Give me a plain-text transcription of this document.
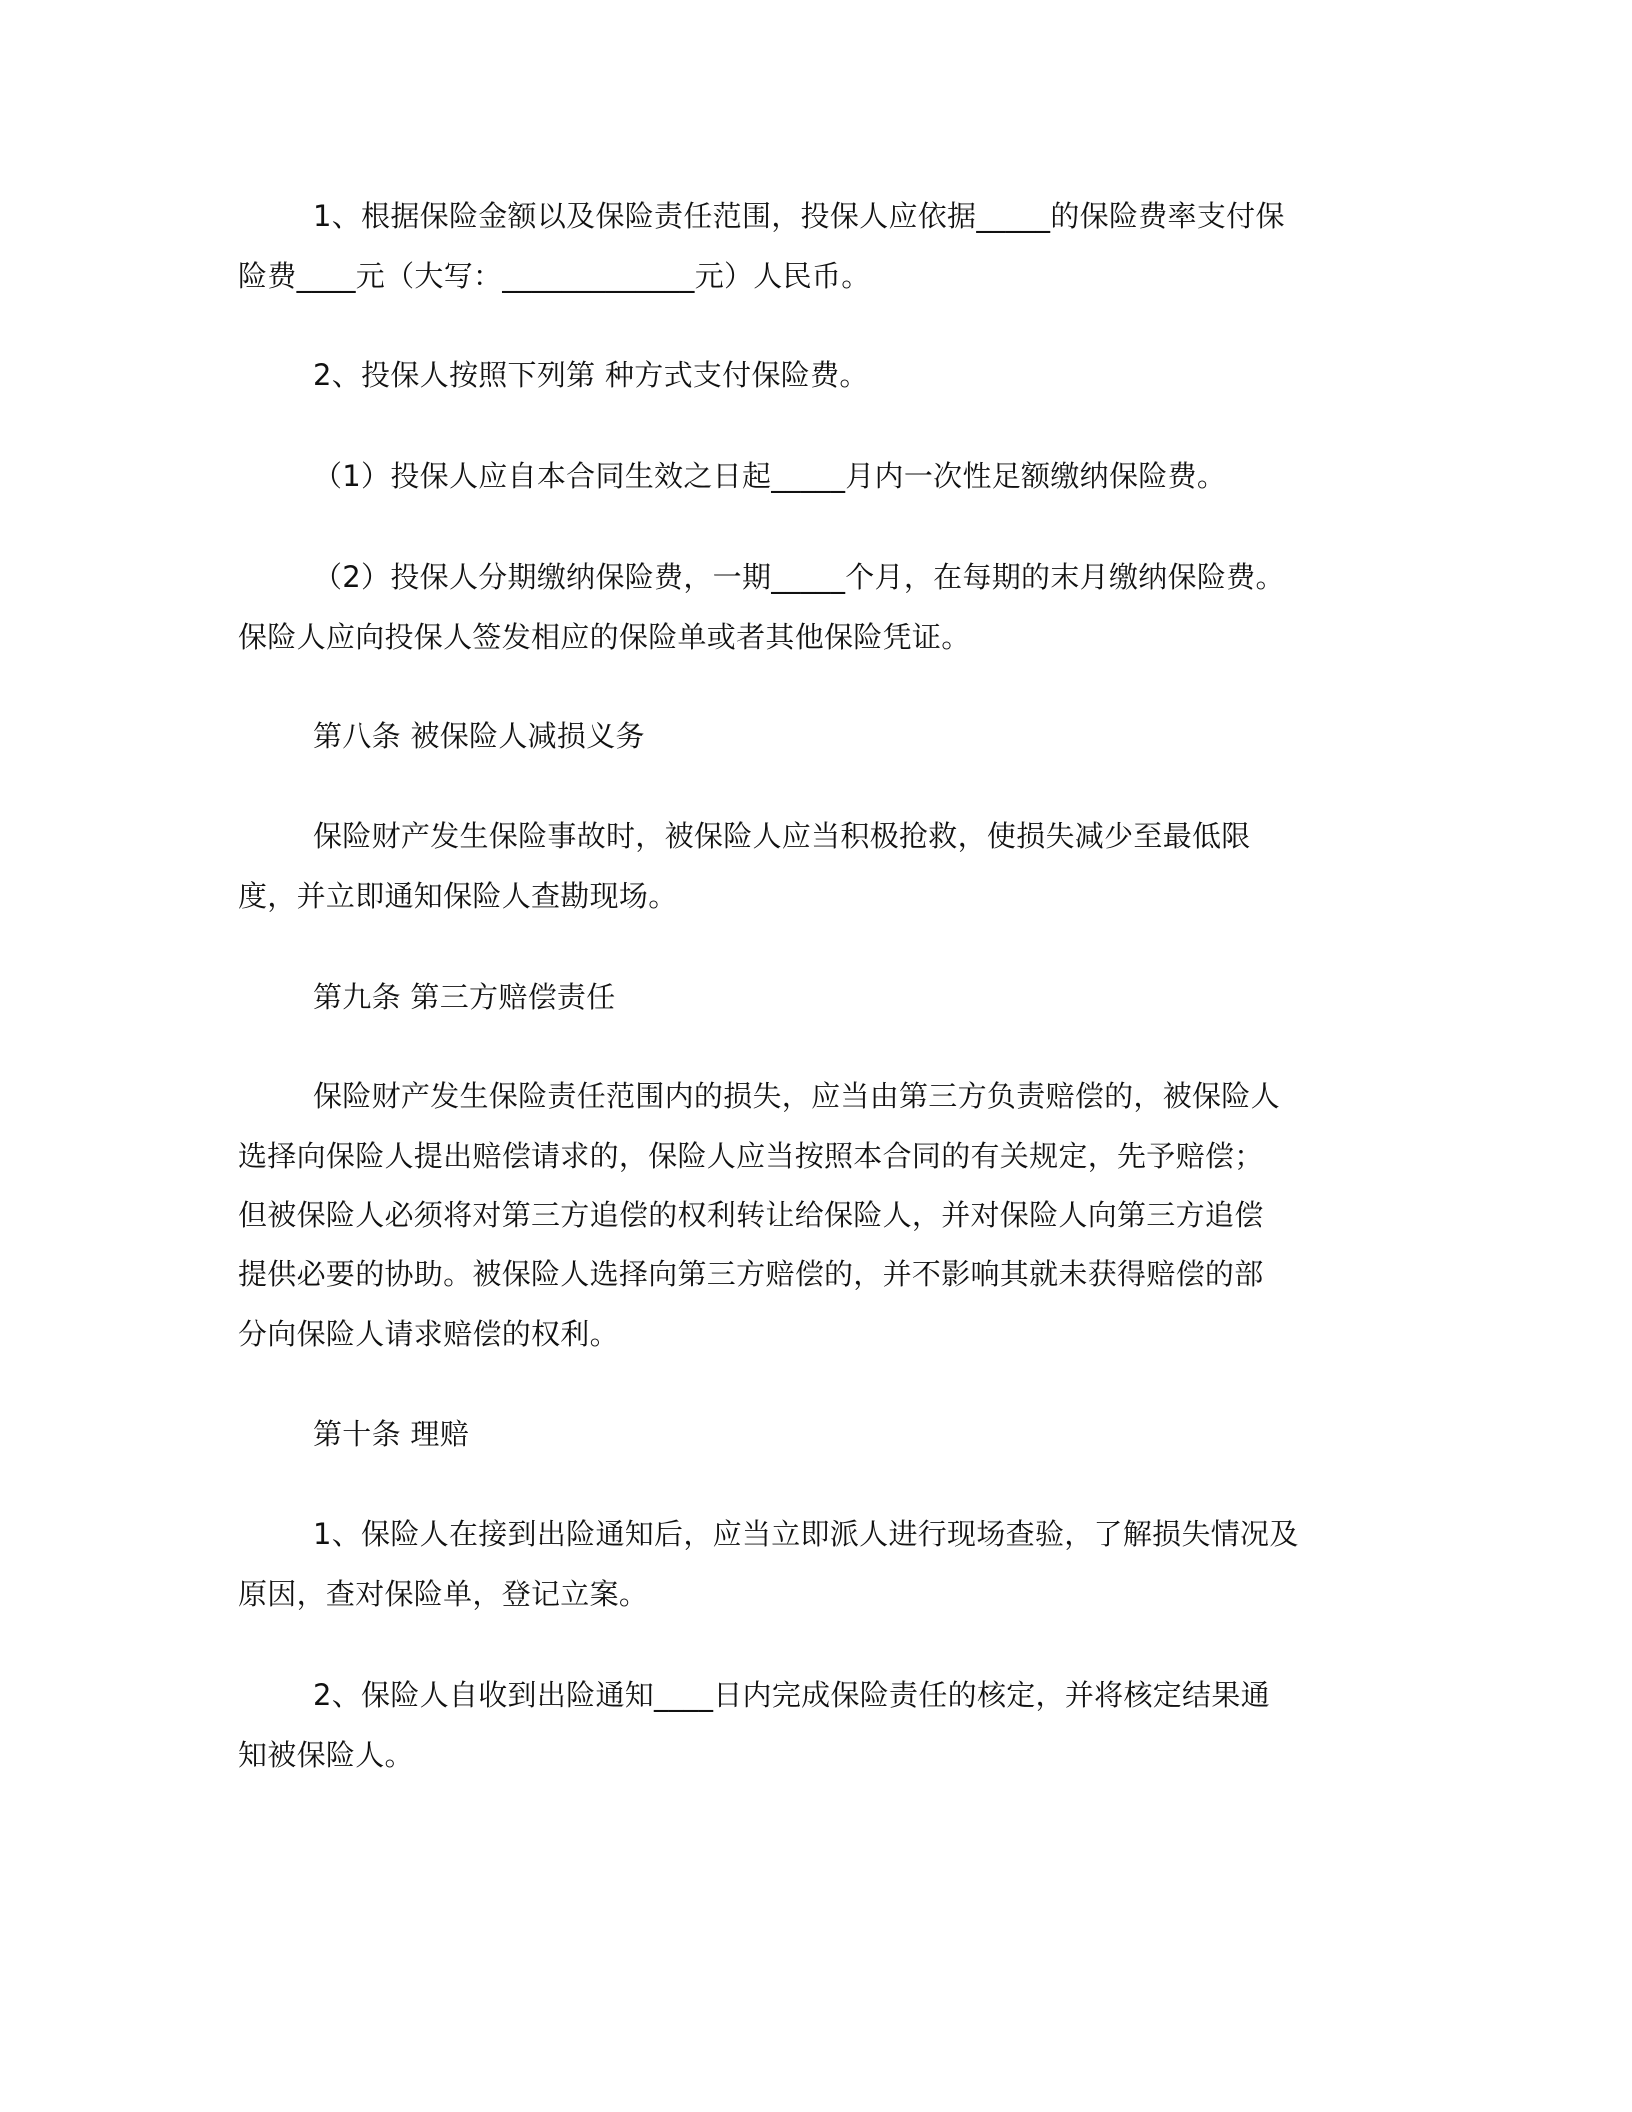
1、根据保险金额以及保险责任范围，投保人应依据_____的保险费率支付保
险费____元（大写：_____________元）人民币。
2、投保人按照下列第 种方式支付保险费。
（1）投保人应自本合同生效之日起_____月内一次性足额缴纳保险费。
（2）投保人分期缴纳保险费，一期_____个月，在每期的末月缴纳保险费。
保险人应向投保人签发相应的保险单或者其他保险凭证。
第八条 被保险人减损义务
保险财产发生保险事故时，被保险人应当积极抢救，使损失减少至最低限
度，并立即通知保险人查勘现场。
第九条 第三方赔偿责任
保险财产发生保险责任范围内的损失，应当由第三方负责赔偿的，被保险人
选择向保险人提出赔偿请求的，保险人应当按照本合同的有关规定，先予赔偿；
但被保险人必须将对第三方追偿的权利转让给保险人，并对保险人向第三方追偿
提供必要的协助。被保险人选择向第三方赔偿的，并不影响其就未获得赔偿的部
分向保险人请求赔偿的权利。
第十条 理赔
1、保险人在接到出险通知后，应当立即派人进行现场查验，了解损失情况及
原因，查对保险单，登记立案。
2、保险人自收到出险通知____日内完成保险责任的核定，并将核定结果通
知被保险人。
